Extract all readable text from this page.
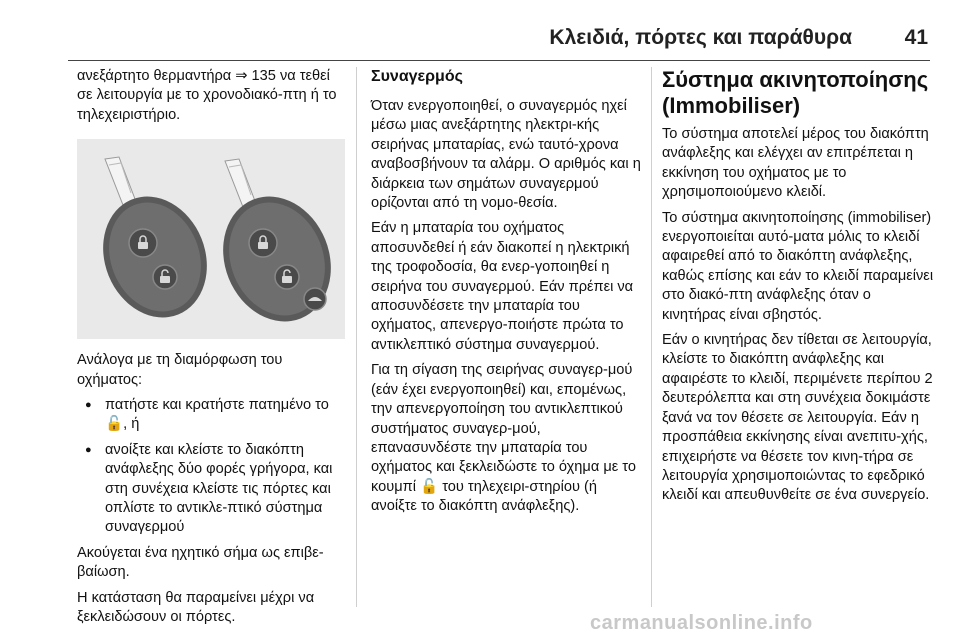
Κλειδιά, πόρτες και παράθυρα	41

ανεξάρτητο θερμαντήρα ⇒ 135 να τεθεί σε λειτουργία με το χρονοδιακό-πτη ή το τηλεχειριστήριο.

Ανάλογα με τη διαμόρφωση του οχήματος:

● πατήστε και κρατήστε πατημένο το 🔓, ή
● ανοίξτε και κλείστε το διακόπτη ανάφλεξης δύο φορές γρήγορα, και στη συνέχεια κλείστε τις πόρτες και οπλίστε το αντικλε-πτικό σύστημα συναγερμού

Ακούγεται ένα ηχητικό σήμα ως επιβε-βαίωση.

Η κατάσταση θα παραμείνει μέχρι να ξεκλειδώσουν οι πόρτες.

Συναγερμός

Όταν ενεργοποιηθεί, ο συναγερμός ηχεί μέσω μιας ανεξάρτητης ηλεκτρι-κής σειρήνας μπαταρίας, ενώ ταυτό-χρονα αναβοσβήνουν τα αλάρμ. Ο αριθμός και η διάρκεια των σημάτων συναγερμού ορίζονται από τη νομο-θεσία.

Εάν η μπαταρία του οχήματος αποσυνδεθεί ή εάν διακοπεί η ηλεκτρική της τροφοδοσία, θα ενερ-γοποιηθεί η σειρήνα του συναγερμού. Εάν πρέπει να αποσυνδέσετε την μπαταρία του οχήματος, απενεργο-ποιήστε πρώτα το αντικλεπτικό σύστημα συναγερμού.

Για τη σίγαση της σειρήνας συναγερ-μού (εάν έχει ενεργοποιηθεί) και, επομένως, την απενεργοποίηση του αντικλεπτικού συστήματος συναγερ-μού, επανασυνδέστε την μπαταρία του οχήματος και ξεκλειδώστε το όχημα με το κουμπί 🔓 του τηλεχειρι-στηρίου (ή ανοίξτε το διακόπτη ανάφλεξης).

Σύστημα ακινητοποίησης (Immobiliser)

Το σύστημα αποτελεί μέρος του διακόπτη ανάφλεξης και ελέγχει αν επιτρέπεται η εκκίνηση του οχήματος με το χρησιμοποιούμενο κλειδί.

Το σύστημα ακινητοποίησης (immobiliser) ενεργοποιείται αυτό-ματα μόλις το κλειδί αφαιρεθεί από το διακόπτη ανάφλεξης, καθώς επίσης και εάν το κλειδί παραμείνει στο διακό-πτη ανάφλεξης όταν ο κινητήρας είναι σβηστός.

Εάν ο κινητήρας δεν τίθεται σε λειτουργία, κλείστε το διακόπτη ανάφλεξης και αφαιρέστε το κλειδί, περιμένετε περίπου 2 δευτερόλεπτα και στη συνέχεια δοκιμάστε ξανά να τον θέσετε σε λειτουργία. Εάν η προσπάθεια εκκίνησης είναι ανεπιτυ-χής, επιχειρήστε να θέσετε τον κινη-τήρα σε λειτουργία χρησιμοποιώντας το εφεδρικό κλειδί και απευθυνθείτε σε ένα συνεργείο.

carmanualsonline.info
